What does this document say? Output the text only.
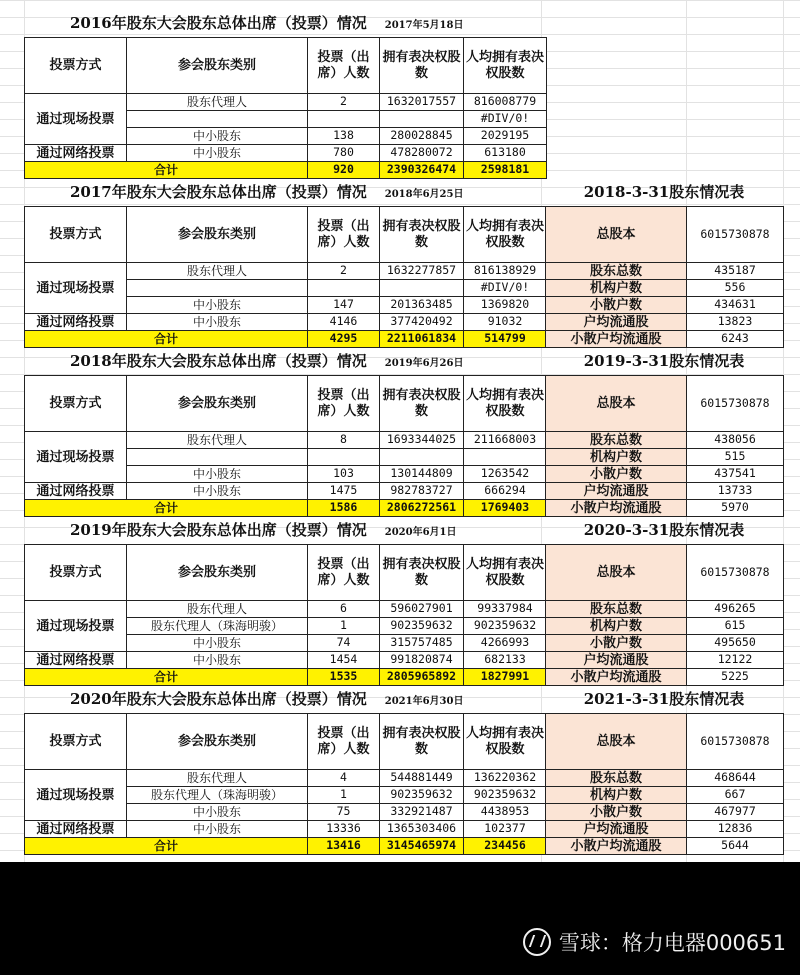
2016年股东大会股东总体出席（投票）情况 2017年5月18日
投票方式	参会股东类别	投票（出席）人数	拥有表决权股数	人均拥有表决权股数
通过现场投票	股东代理人	2	1632017557	816008779
				#DIV/0!
	中小股东	138	280028845	2029195
通过网络投票	中小股东	780	478280072	613180
合计		920	2390326474	2598181
2017年股东大会股东总体出席（投票）情况 2018年6月25日
投票方式	参会股东类别	投票（出席）人数	拥有表决权股数	人均拥有表决权股数
通过现场投票	股东代理人	2	1632277857	816138929
				#DIV/0!
	中小股东	147	201363485	1369820
通过网络投票	中小股东	4146	377420492	91032
合计		4295	2211061834	514799
2018年股东大会股东总体出席（投票）情况 2019年6月26日
投票方式	参会股东类别	投票（出席）人数	拥有表决权股数	人均拥有表决权股数
通过现场投票	股东代理人	8	1693344025	211668003

	中小股东	103	130144809	1263542
通过网络投票	中小股东	1475	982783727	666294
合计		1586	2806272561	1769403
2019年股东大会股东总体出席（投票）情况 2020年6月1日
投票方式	参会股东类别	投票（出席）人数	拥有表决权股数	人均拥有表决权股数
通过现场投票	股东代理人	6	596027901	99337984
	股东代理人（珠海明骏）	1	902359632	902359632
	中小股东	74	315757485	4266993
通过网络投票	中小股东	1454	991820874	682133
合计		1535	2805965892	1827991
2020年股东大会股东总体出席（投票）情况 2021年6月30日
投票方式	参会股东类别	投票（出席）人数	拥有表决权股数	人均拥有表决权股数
通过现场投票	股东代理人	4	544881449	136220362
	股东代理人（珠海明骏）	1	902359632	902359632
	中小股东	75	332921487	4438953
通过网络投票	中小股东	13336	1365303406	102377
合计		13416	3145465974	234456
2018-3-31股东情况表
总股本	6015730878
股东总数	435187
机构户数	556
小散户数	434631
户均流通股	13823
小散户均流通股	6243
2019-3-31股东情况表
总股本	6015730878
股东总数	438056
机构户数	515
小散户数	437541
户均流通股	13733
小散户均流通股	5970
2020-3-31股东情况表
总股本	6015730878
股东总数	496265
机构户数	615
小散户数	495650
户均流通股	12122
小散户均流通股	5225
2021-3-31股东情况表
总股本	6015730878
股东总数	468644
机构户数	667
小散户数	467977
户均流通股	12836
小散户均流通股	5644
雪球：格力电器000651
